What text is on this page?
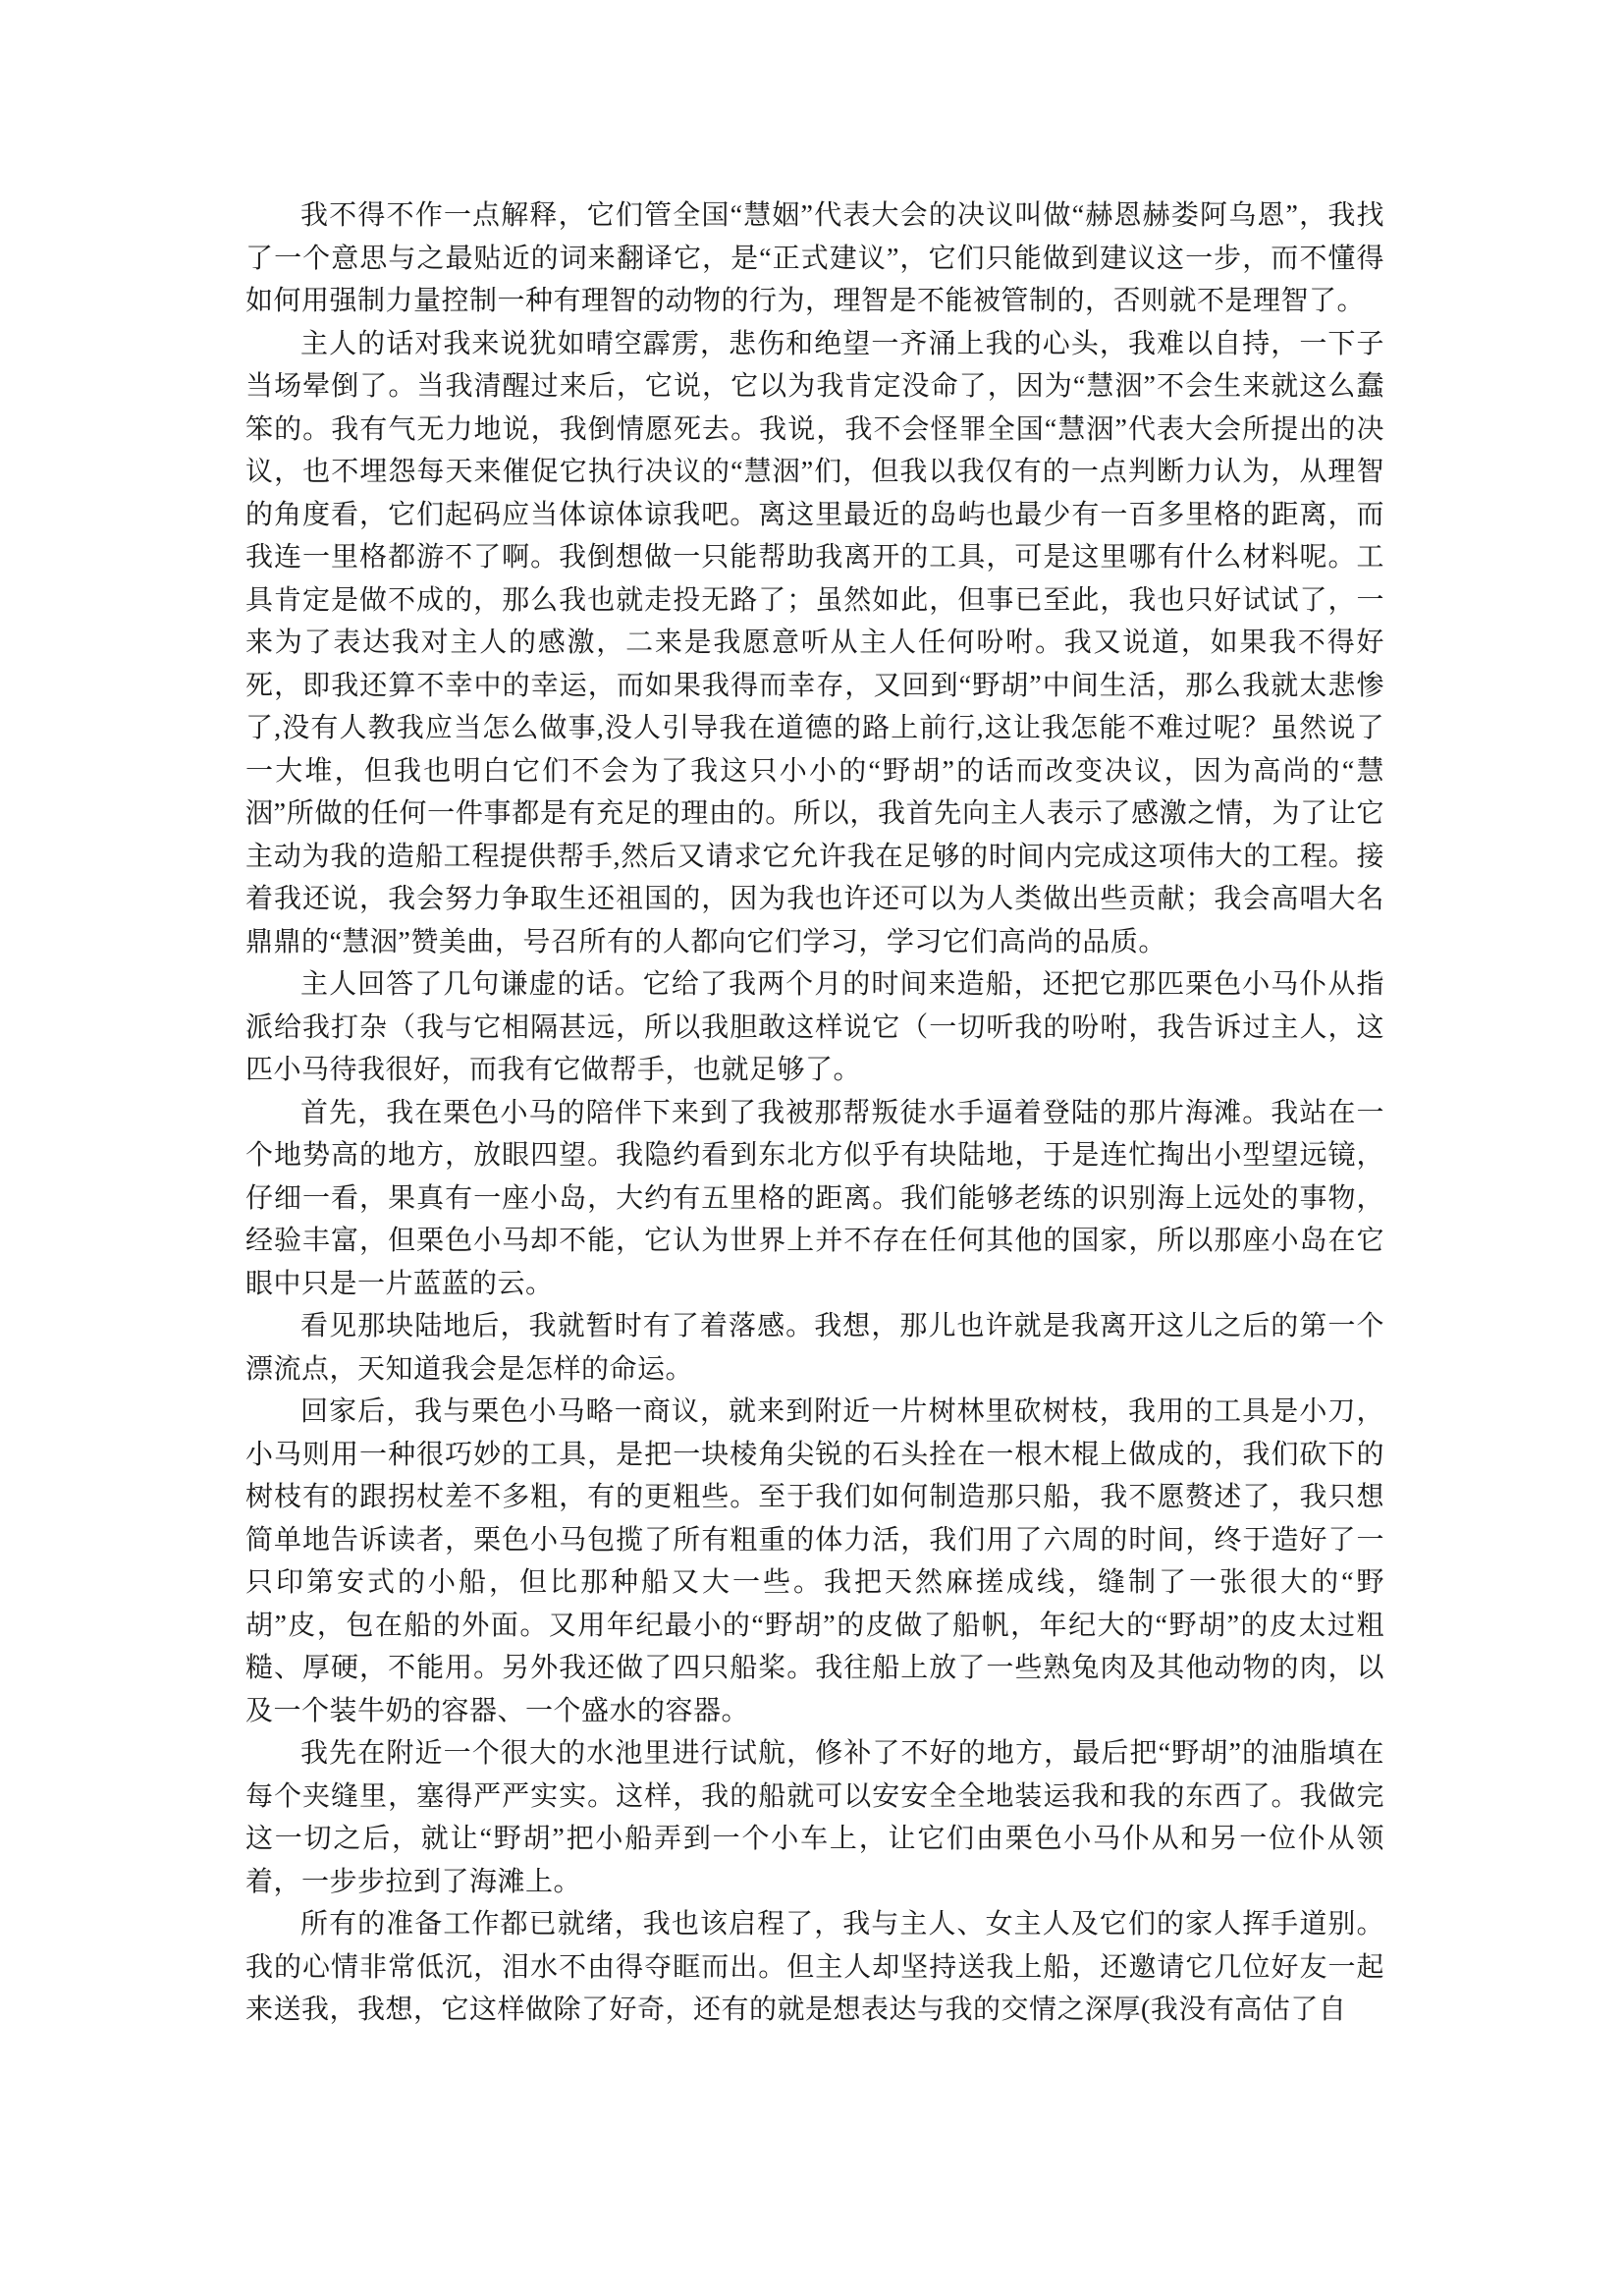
我不得不作一点解释，它们管全国“慧姻”代表大会的决议叫做“赫恩赫娄阿乌恩”，我找了一个意思与之最贴近的词来翻译它，是“正式建议”，它们只能做到建议这一步，而不懂得如何用强制力量控制一种有理智的动物的行为，理智是不能被管制的，否则就不是理智了。

主人的话对我来说犹如晴空霹雳，悲伤和绝望一齐涌上我的心头，我难以自持，一下子当场晕倒了。当我清醒过来后，它说，它以为我肯定没命了，因为“慧洇”不会生来就这么蠢笨的。我有气无力地说，我倒情愿死去。我说，我不会怪罪全国“慧洇”代表大会所提出的决议，也不埋怨每天来催促它执行决议的“慧洇”们，但我以我仅有的一点判断力认为，从理智的角度看，它们起码应当体谅体谅我吧。离这里最近的岛屿也最少有一百多里格的距离，而我连一里格都游不了啊。我倒想做一只能帮助我离开的工具，可是这里哪有什么材料呢。工具肯定是做不成的，那么我也就走投无路了；虽然如此，但事已至此，我也只好试试了，一来为了表达我对主人的感激，二来是我愿意听从主人任何吩咐。我又说道，如果我不得好死，即我还算不幸中的幸运，而如果我得而幸存，又回到“野胡”中间生活，那么我就太悲惨了,没有人教我应当怎么做事,没人引导我在道德的路上前行,这让我怎能不难过呢？虽然说了一大堆，但我也明白它们不会为了我这只小小的“野胡”的话而改变决议，因为高尚的“慧洇”所做的任何一件事都是有充足的理由的。所以，我首先向主人表示了感激之情，为了让它主动为我的造船工程提供帮手,然后又请求它允许我在足够的时间内完成这项伟大的工程。接着我还说，我会努力争取生还祖国的，因为我也许还可以为人类做出些贡献；我会高唱大名鼎鼎的“慧洇”赞美曲，号召所有的人都向它们学习，学习它们高尚的品质。

主人回答了几句谦虚的话。它给了我两个月的时间来造船，还把它那匹栗色小马仆从指派给我打杂（我与它相隔甚远，所以我胆敢这样说它（一切听我的吩咐，我告诉过主人，这匹小马待我很好，而我有它做帮手，也就足够了。

首先，我在栗色小马的陪伴下来到了我被那帮叛徒水手逼着登陆的那片海滩。我站在一个地势高的地方，放眼四望。我隐约看到东北方似乎有块陆地，于是连忙掏出小型望远镜，仔细一看，果真有一座小岛，大约有五里格的距离。我们能够老练的识别海上远处的事物，经验丰富，但栗色小马却不能，它认为世界上并不存在任何其他的国家，所以那座小岛在它眼中只是一片蓝蓝的云。

看见那块陆地后，我就暂时有了着落感。我想，那儿也许就是我离开这儿之后的第一个漂流点，天知道我会是怎样的命运。

回家后，我与栗色小马略一商议，就来到附近一片树林里砍树枝，我用的工具是小刀，小马则用一种很巧妙的工具，是把一块棱角尖锐的石头拴在一根木棍上做成的，我们砍下的树枝有的跟拐杖差不多粗，有的更粗些。至于我们如何制造那只船，我不愿赘述了，我只想简单地告诉读者，栗色小马包揽了所有粗重的体力活，我们用了六周的时间，终于造好了一只印第安式的小船，但比那种船又大一些。我把天然麻搓成线，缝制了一张很大的“野胡”皮，包在船的外面。又用年纪最小的“野胡”的皮做了船帆，年纪大的“野胡”的皮太过粗糙、厚硬，不能用。另外我还做了四只船桨。我往船上放了一些熟兔肉及其他动物的肉，以及一个装牛奶的容器、一个盛水的容器。

我先在附近一个很大的水池里进行试航，修补了不好的地方，最后把“野胡”的油脂填在每个夹缝里，塞得严严实实。这样，我的船就可以安安全全地装运我和我的东西了。我做完这一切之后，就让“野胡”把小船弄到一个小车上，让它们由栗色小马仆从和另一位仆从领着，一步步拉到了海滩上。

所有的准备工作都已就绪，我也该启程了，我与主人、女主人及它们的家人挥手道别。我的心情非常低沉，泪水不由得夺眶而出。但主人却坚持送我上船，还邀请它几位好友一起来送我，我想，它这样做除了好奇，还有的就是想表达与我的交情之深厚(我没有高估了自
